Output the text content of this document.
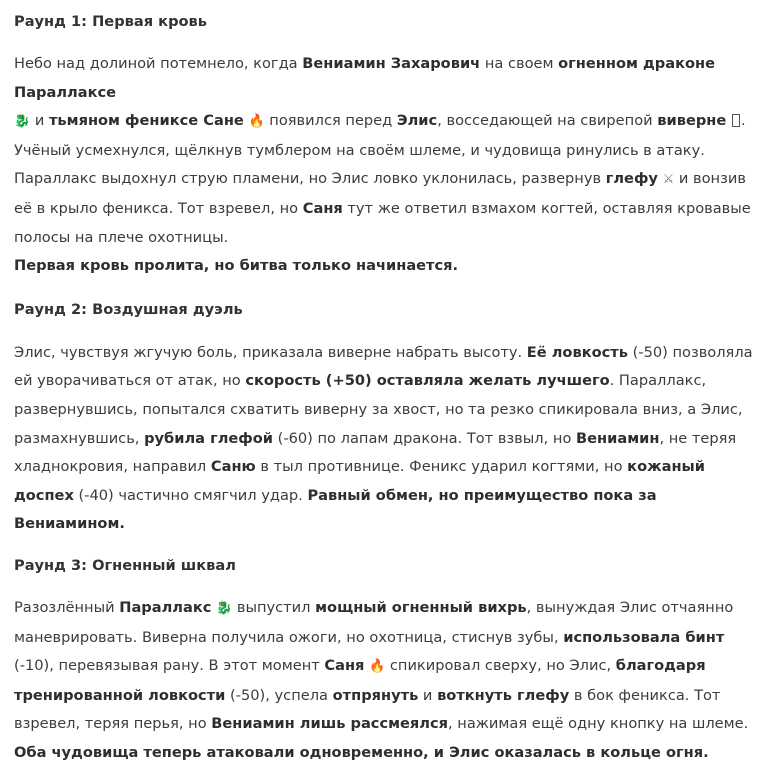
Раунд 1: Первая кровь

Небо над долиной потемнело, когда Вениамин Захарович на своем огненном драконе Параллаксе
🐉 и тьмяном фениксе Сане 🔥 появился перед Элис, восседающей на свирепой виверне . Учёный усмехнулся, щёлкнув тумблером на своём шлеме, и чудовища ринулись в атаку. Параллакс выдохнул струю пламени, но Элис ловко уклонилась, развернув глефу ⚔ и вонзив её в крыло феникса. Тот взревел, но Саня тут же ответил взмахом когтей, оставляя кровавые полосы на плече охотницы.
Первая кровь пролита, но битва только начинается.

Раунд 2: Воздушная дуэль

Элис, чувствуя жгучую боль, приказала виверне набрать высоту. Её ловкость (-50) позволяла ей уворачиваться от атак, но скорость (+50) оставляла желать лучшего. Параллакс, развернувшись, попытался схватить виверну за хвост, но та резко спикировала вниз, а Элис, размахнувшись, рубила глефой (-60) по лапам дракона. Тот взвыл, но Вениамин, не теряя хладнокровия, направил Саню в тыл противнице. Феникс ударил когтями, но кожаный доспех (-40) частично смягчил удар. Равный обмен, но преимущество пока за Вениамином.

Раунд 3: Огненный шквал

Разозлённый Параллакс 🐉 выпустил мощный огненный вихрь, вынуждая Элис отчаянно маневрировать. Виверна получила ожоги, но охотница, стиснув зубы, использовала бинт (-10), перевязывая рану. В этот момент Саня 🔥 спикировал сверху, но Элис, благодаря тренированной ловкости (-50), успела отпрянуть и воткнуть глефу в бок феникса. Тот взревел, теряя перья, но Вениамин лишь рассмеялся, нажимая ещё одну кнопку на шлеме. Оба чудовища теперь атаковали одновременно, и Элис оказалась в кольце огня.
